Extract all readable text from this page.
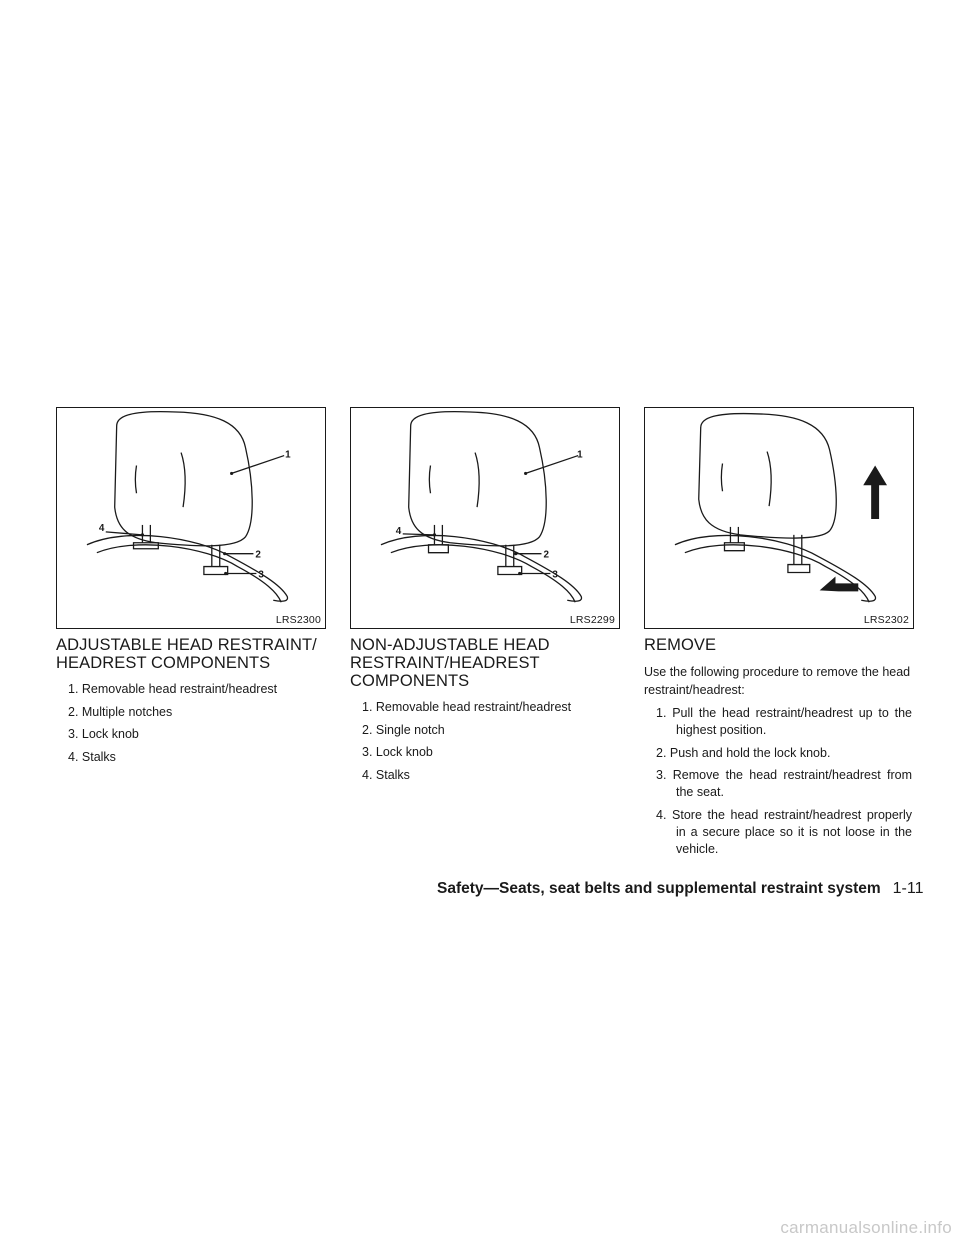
1
4
2
3
LRS2300
1
4
2
3
LRS2299	LRS2302
ADJUSTABLE HEAD RESTRAINT/
HEADREST COMPONENTS
1. Removable head restraint/headrest
2. Multiple notches
3. Lock knob
4. Stalks
NON-ADJUSTABLE HEAD
RESTRAINT/HEADREST
COMPONENTS
1. Removable head restraint/headrest
2. Single notch
3. Lock knob
4. Stalks
REMOVE

Use the following procedure to remove the head restraint/headrest:

1. Pull the head restraint/headrest up to the highest position.
2. Push and hold the lock knob.
3. Remove the head restraint/headrest from the seat.
4. Store the head restraint/headrest properly in a secure place so it is not loose in the vehicle.
Safety—Seats, seat belts and supplemental restraint system 1-11
carmanualsonline.info
